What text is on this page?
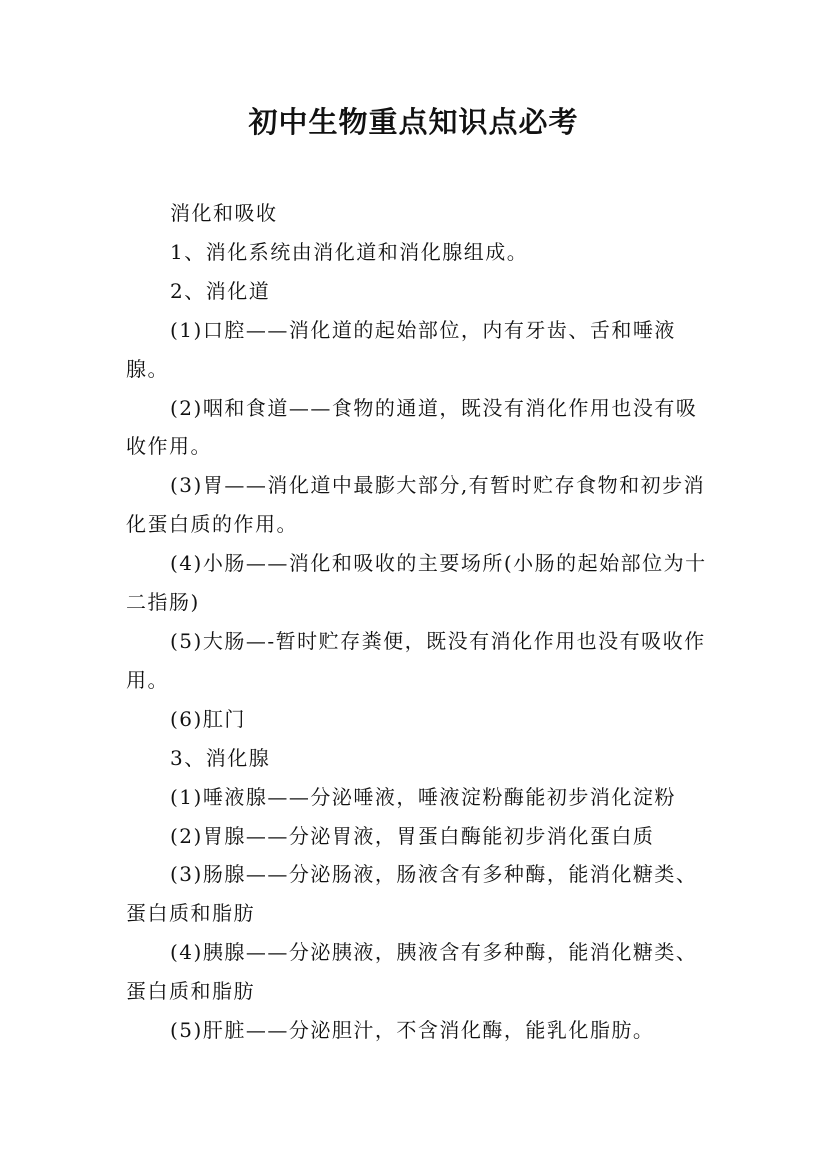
初中生物重点知识点必考

消化和吸收

1、消化系统由消化道和消化腺组成。

2、消化道

(1)口腔——消化道的起始部位，内有牙齿、舌和唾液腺。

(2)咽和食道——食物的通道，既没有消化作用也没有吸收作用。

(3)胃——消化道中最膨大部分,有暂时贮存食物和初步消化蛋白质的作用。

(4)小肠——消化和吸收的主要场所(小肠的起始部位为十二指肠)

(5)大肠—-暂时贮存粪便，既没有消化作用也没有吸收作用。

(6)肛门

3、消化腺

(1)唾液腺——分泌唾液，唾液淀粉酶能初步消化淀粉

(2)胃腺——分泌胃液，胃蛋白酶能初步消化蛋白质

(3)肠腺——分泌肠液，肠液含有多种酶，能消化糖类、蛋白质和脂肪

(4)胰腺——分泌胰液，胰液含有多种酶，能消化糖类、蛋白质和脂肪

(5)肝脏——分泌胆汁，不含消化酶，能乳化脂肪。
